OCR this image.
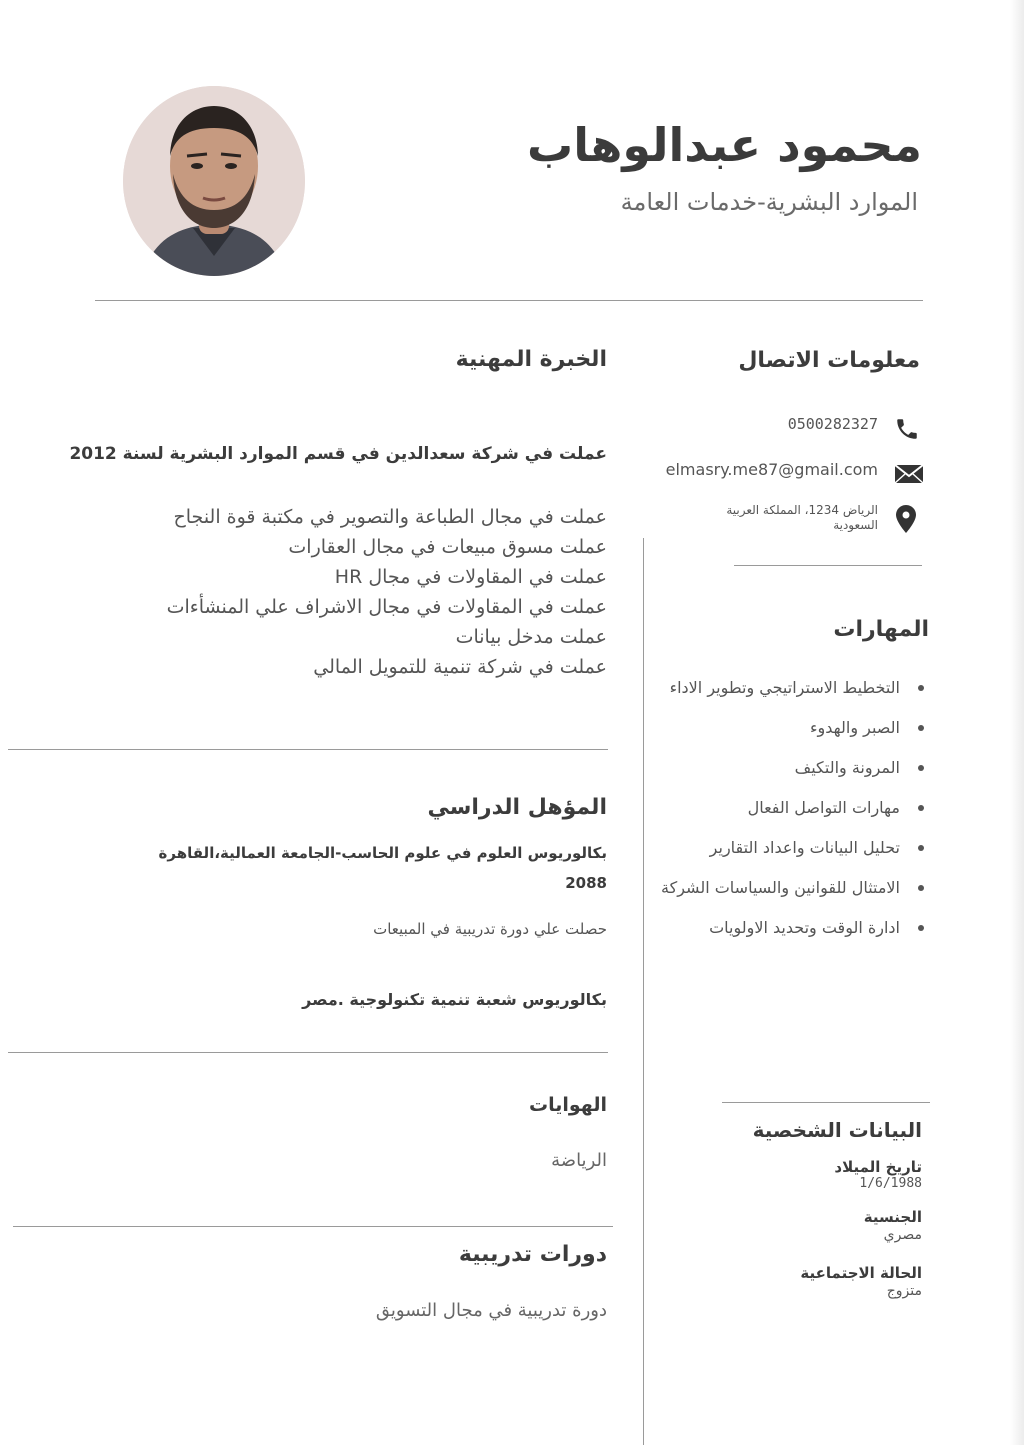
محمود عبدالوهاب
الموارد البشرية-خدمات العامة
معلومات الاتصال
0500282327
elmasry.me87@gmail.com
الرياض 1234، المملكة العربية السعودية
المهارات
التخطيط الاستراتيجي وتطوير الاداء
الصبر والهدوء
المرونة والتكيف
مهارات التواصل الفعال
تحليل البيانات واعداد التقارير
الامتثال للقوانين والسياسات الشركة
ادارة الوقت وتحديد الاولويات
البيانات الشخصية
تاريخ الميلاد
1/6/1988
الجنسية
مصري
الحالة الاجتماعية
متزوج
الخبرة المهنية
عملت في شركة سعدالدين في قسم الموارد البشرية لسنة 2012
عملت في مجال الطباعة والتصوير في مكتبة قوة النجاح
عملت مسوق مبيعات في مجال العقارات
عملت في المقاولات في مجال HR
عملت في المقاولات في مجال الاشراف علي المنشأءات
عملت مدخل بيانات
عملت في شركة تنمية للتمويل المالي
المؤهل الدراسي
بكالوريوس العلوم في علوم الحاسب-الجامعة العمالية،القاهرة 2088
حصلت علي دورة تدريبية في المبيعات
بكالوريوس شعبة تنمية تكنولوجية .مصر
الهوايات
الرياضة
دورات تدريبية
دورة تدريبية في مجال التسويق
